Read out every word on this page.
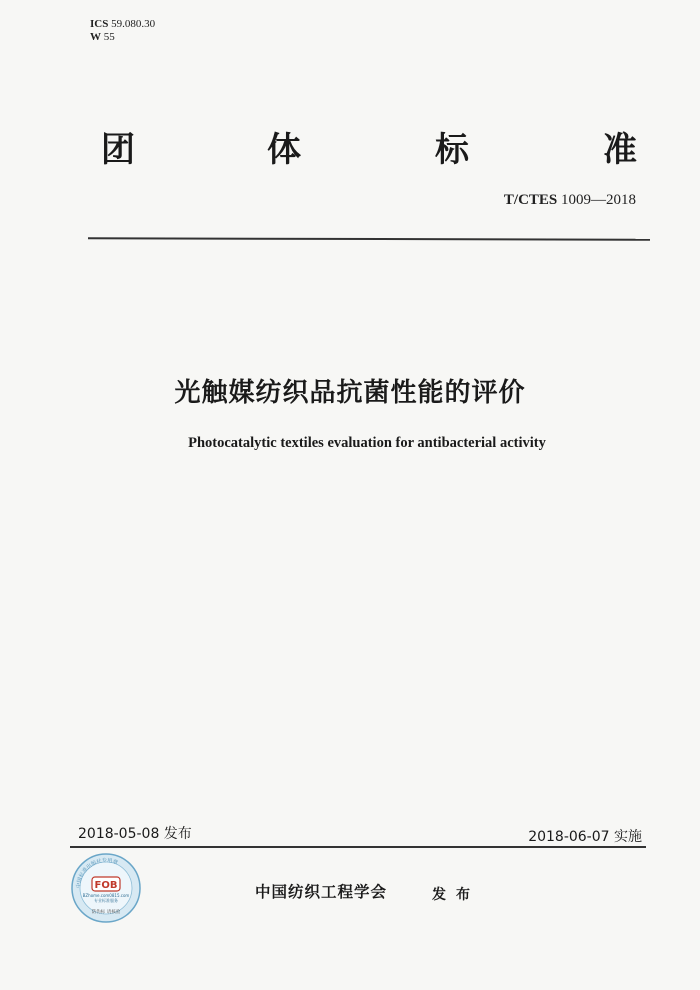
ICS 59.080.30
W 55
团	体	标	准
T/CTES 1009—2018
光触媒纺织品抗菌性能的评价
Photocatalytic textiles evaluation for antibacterial activity
2018-05-08 发布	2018-06-07 实施
中国标准出版社专用章
FOB
BZhome.com0815.com
专业标准服务
防伪标 请核验
中国纺织工程学会	发布
